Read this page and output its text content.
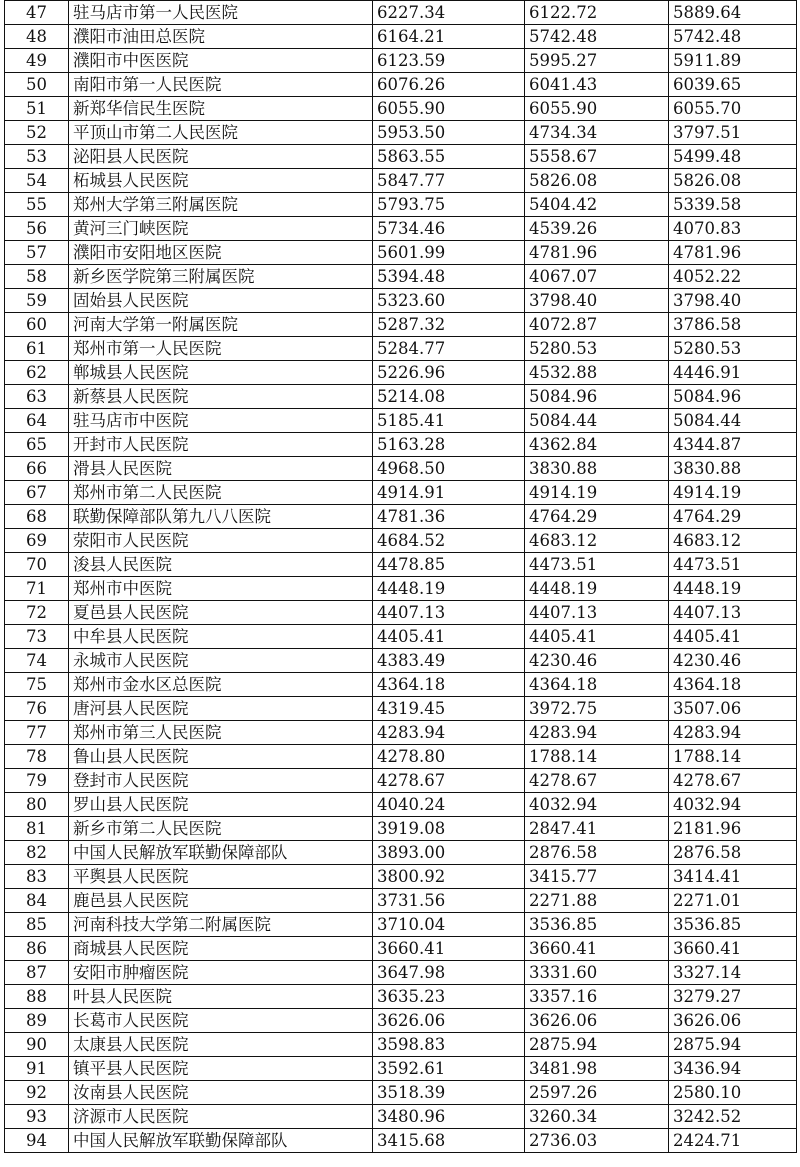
47	驻马店市第一人民医院	6227.34	6122.72	5889.64
48	濮阳市油田总医院	6164.21	5742.48	5742.48
49	濮阳市中医医院	6123.59	5995.27	5911.89
50	南阳市第一人民医院	6076.26	6041.43	6039.65
51	新郑华信民生医院	6055.90	6055.90	6055.70
52	平顶山市第二人民医院	5953.50	4734.34	3797.51
53	泌阳县人民医院	5863.55	5558.67	5499.48
54	柘城县人民医院	5847.77	5826.08	5826.08
55	郑州大学第三附属医院	5793.75	5404.42	5339.58
56	黄河三门峡医院	5734.46	4539.26	4070.83
57	濮阳市安阳地区医院	5601.99	4781.96	4781.96
58	新乡医学院第三附属医院	5394.48	4067.07	4052.22
59	固始县人民医院	5323.60	3798.40	3798.40
60	河南大学第一附属医院	5287.32	4072.87	3786.58
61	郑州市第一人民医院	5284.77	5280.53	5280.53
62	郸城县人民医院	5226.96	4532.88	4446.91
63	新蔡县人民医院	5214.08	5084.96	5084.96
64	驻马店市中医院	5185.41	5084.44	5084.44
65	开封市人民医院	5163.28	4362.84	4344.87
66	滑县人民医院	4968.50	3830.88	3830.88
67	郑州市第二人民医院	4914.91	4914.19	4914.19
68	联勤保障部队第九八八医院	4781.36	4764.29	4764.29
69	荥阳市人民医院	4684.52	4683.12	4683.12
70	浚县人民医院	4478.85	4473.51	4473.51
71	郑州市中医院	4448.19	4448.19	4448.19
72	夏邑县人民医院	4407.13	4407.13	4407.13
73	中牟县人民医院	4405.41	4405.41	4405.41
74	永城市人民医院	4383.49	4230.46	4230.46
75	郑州市金水区总医院	4364.18	4364.18	4364.18
76	唐河县人民医院	4319.45	3972.75	3507.06
77	郑州市第三人民医院	4283.94	4283.94	4283.94
78	鲁山县人民医院	4278.80	1788.14	1788.14
79	登封市人民医院	4278.67	4278.67	4278.67
80	罗山县人民医院	4040.24	4032.94	4032.94
81	新乡市第二人民医院	3919.08	2847.41	2181.96
82	中国人民解放军联勤保障部队	3893.00	2876.58	2876.58
83	平舆县人民医院	3800.92	3415.77	3414.41
84	鹿邑县人民医院	3731.56	2271.88	2271.01
85	河南科技大学第二附属医院	3710.04	3536.85	3536.85
86	商城县人民医院	3660.41	3660.41	3660.41
87	安阳市肿瘤医院	3647.98	3331.60	3327.14
88	叶县人民医院	3635.23	3357.16	3279.27
89	长葛市人民医院	3626.06	3626.06	3626.06
90	太康县人民医院	3598.83	2875.94	2875.94
91	镇平县人民医院	3592.61	3481.98	3436.94
92	汝南县人民医院	3518.39	2597.26	2580.10
93	济源市人民医院	3480.96	3260.34	3242.52
94	中国人民解放军联勤保障部队	3415.68	2736.03	2424.71
